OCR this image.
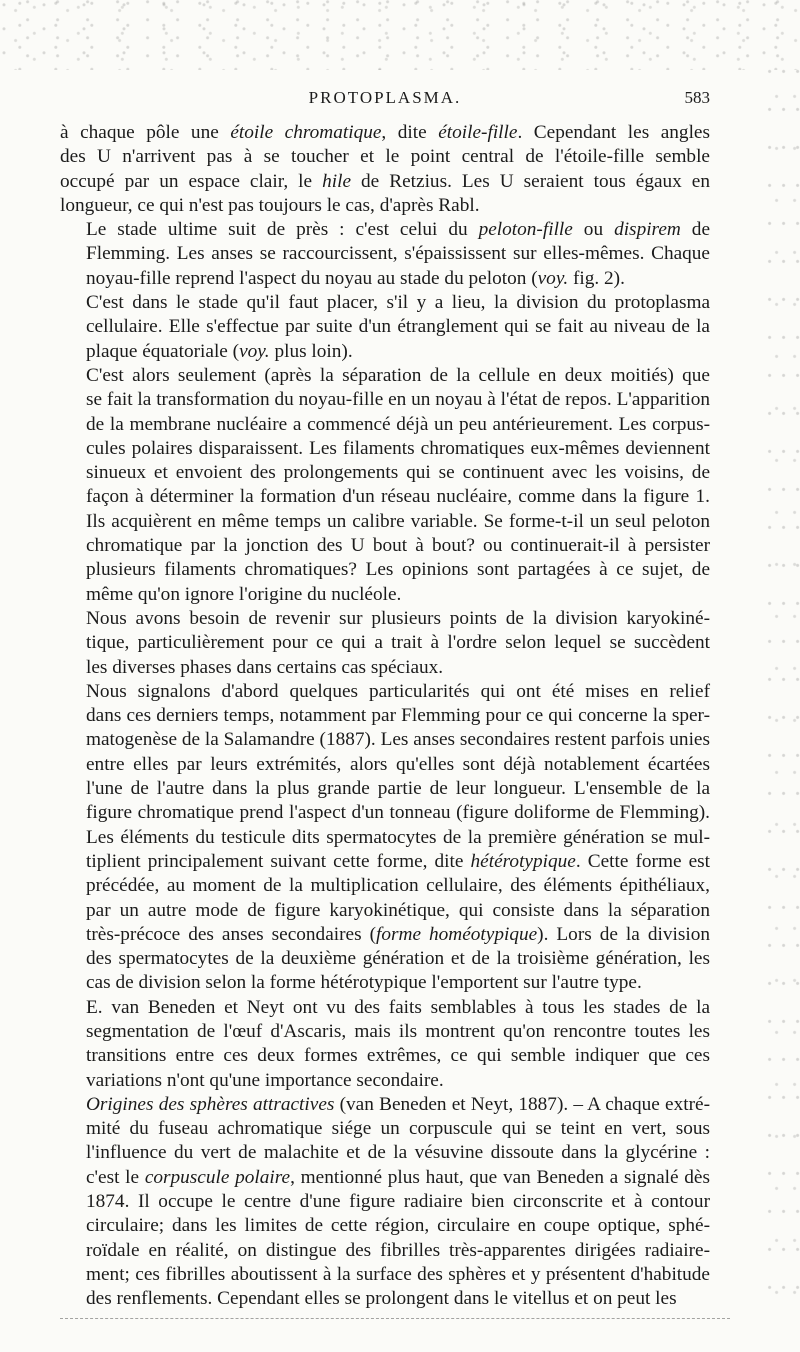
PROTOPLASMA.	583

à chaque pôle une étoile chromatique, dite étoile-fille. Cependant les angles
des U n'arrivent pas à se toucher et le point central de l'étoile-fille semble
occupé par un espace clair, le hile de Retzius. Les U seraient tous égaux en
longueur, ce qui n'est pas toujours le cas, d'après Rabl.

Le stade ultime suit de près : c'est celui du peloton-fille ou dispirem de
Flemming. Les anses se raccourcissent, s'épaississent sur elles-mêmes. Chaque
noyau-fille reprend l'aspect du noyau au stade du peloton (voy. fig. 2).

C'est dans le stade qu'il faut placer, s'il y a lieu, la division du protoplasma
cellulaire. Elle s'effectue par suite d'un étranglement qui se fait au niveau de la
plaque équatoriale (voy. plus loin).

C'est alors seulement (après la séparation de la cellule en deux moitiés) que
se fait la transformation du noyau-fille en un noyau à l'état de repos. L'apparition
de la membrane nucléaire a commencé déjà un peu antérieurement. Les corpus-
cules polaires disparaissent. Les filaments chromatiques eux-mêmes deviennent
sinueux et envoient des prolongements qui se continuent avec les voisins, de
façon à déterminer la formation d'un réseau nucléaire, comme dans la figure 1.
Ils acquièrent en même temps un calibre variable. Se forme-t-il un seul peloton
chromatique par la jonction des U bout à bout? ou continuerait-il à persister
plusieurs filaments chromatiques? Les opinions sont partagées à ce sujet, de
même qu'on ignore l'origine du nucléole.

Nous avons besoin de revenir sur plusieurs points de la division karyokiné-
tique, particulièrement pour ce qui a trait à l'ordre selon lequel se succèdent
les diverses phases dans certains cas spéciaux.

Nous signalons d'abord quelques particularités qui ont été mises en relief
dans ces derniers temps, notamment par Flemming pour ce qui concerne la sper-
matogenèse de la Salamandre (1887). Les anses secondaires restent parfois unies
entre elles par leurs extrémités, alors qu'elles sont déjà notablement écartées
l'une de l'autre dans la plus grande partie de leur longueur. L'ensemble de la
figure chromatique prend l'aspect d'un tonneau (figure doliforme de Flemming).
Les éléments du testicule dits spermatocytes de la première génération se mul-
tiplient principalement suivant cette forme, dite hétérotypique. Cette forme est
précédée, au moment de la multiplication cellulaire, des éléments épithéliaux,
par un autre mode de figure karyokinétique, qui consiste dans la séparation
très-précoce des anses secondaires (forme homéotypique). Lors de la division
des spermatocytes de la deuxième génération et de la troisième génération, les
cas de division selon la forme hétérotypique l'emportent sur l'autre type.

E. van Beneden et Neyt ont vu des faits semblables à tous les stades de la
segmentation de l'œuf d'Ascaris, mais ils montrent qu'on rencontre toutes les
transitions entre ces deux formes extrêmes, ce qui semble indiquer que ces
variations n'ont qu'une importance secondaire.

Origines des sphères attractives (van Beneden et Neyt, 1887). – A chaque extré-
mité du fuseau achromatique siége un corpuscule qui se teint en vert, sous
l'influence du vert de malachite et de la vésuvine dissoute dans la glycérine :
c'est le corpuscule polaire, mentionné plus haut, que van Beneden a signalé dès
1874. Il occupe le centre d'une figure radiaire bien circonscrite et à contour
circulaire; dans les limites de cette région, circulaire en coupe optique, sphé-
roïdale en réalité, on distingue des fibrilles très-apparentes dirigées radiaire-
ment; ces fibrilles aboutissent à la surface des sphères et y présentent d'habitude
des renflements. Cependant elles se prolongent dans le vitellus et on peut les
